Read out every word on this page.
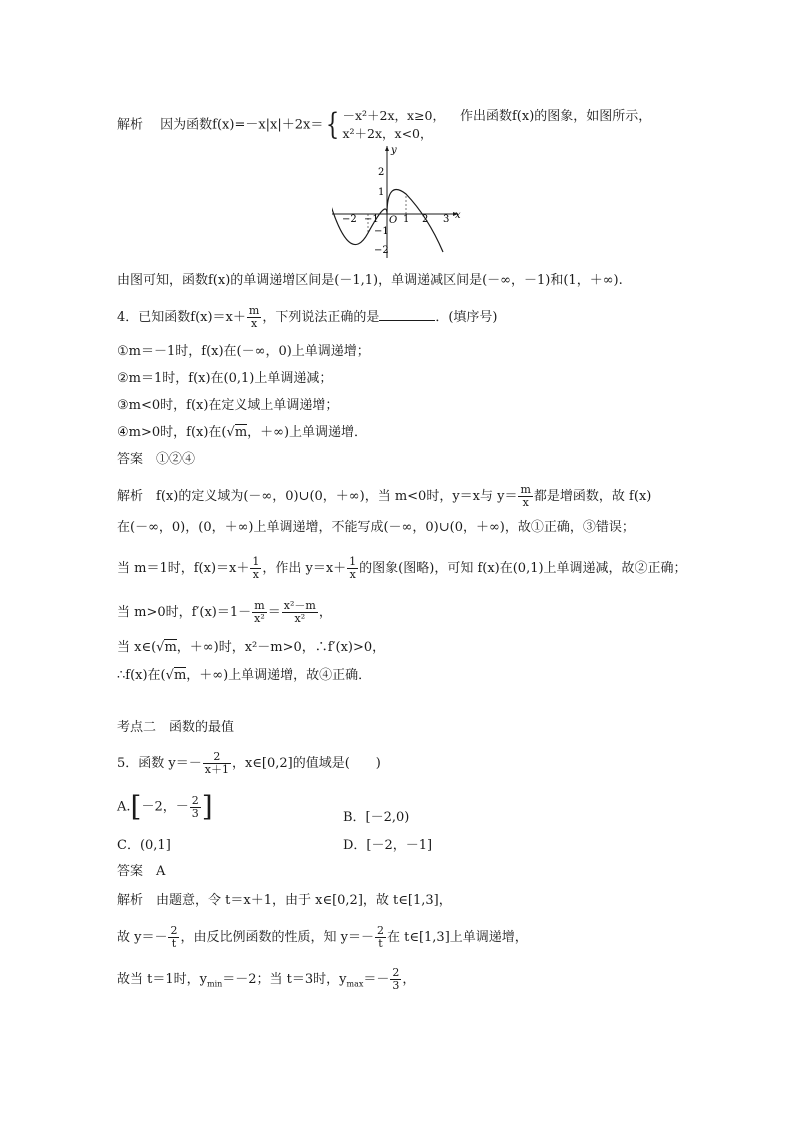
解析　 因为函数f(x)=－x|x|＋2x＝{ －x²＋2x，x≥0，
x²＋2x，x<0，
作出函数f(x)的图象，如图所示，
x
y
O
−2 −1 1 2 3
2
1
−1
−2
由图可知，函数f(x)的单调递增区间是(－1,1)，单调递减区间是(－∞，－1)和(1，＋∞).
4．已知函数$f(x)=x+ \frac{m}{x}$ ，下列说法正确的是	．(填序号)
①m＝－1时，f(x)在(－∞，0)上单调递增；
②m＝1时，f(x)在(0,1)上单调递减；
③m<0时，f(x)在定义域上单调递增；
④m>0时，f(x)在(√m，＋∞)上单调递增．
答案　 ①②④
解析　 f(x)的定义域为(－∞，0)∪(0，＋∞)，当 m<0时，y＝x与 $y= \frac{m}{x}$ 都是增函数，故 f(x)
在(－∞，0)，(0，＋∞)上单调递增，不能写成(－∞，0)∪(0，＋∞)，故①正确，③错误；
当 m＝1时，$f(x)=x+ \frac{1}{x}$ ，作出 $y=x+ \frac{1}{x}$ 的图象(图略)，可知 f(x)在(0,1)上单调递减，故②正确；
当 m>0时，$f'(x)=1- \frac{m}{\text{x²}} = \frac{\text{x²－m}}{\text{x²}}$ ，
当 x∈(√m，＋∞)时，x²－m>0，∴f′(x)>0，
∴f(x)在(√m，＋∞)上单调递增，故④正确．
考点二　函数的最值
5．函数 $y=- \frac{2}{x+1}$ ，x∈[0,2]的值域是(　　)
A.[－2，－ $\frac{2}{3}$ ]	B．[－2,0)
C．(0,1]	D．[－2，－1]
答案　 A
解析　 由题意，令 t＝x＋1，由于 x∈[0,2]，故 t∈[1,3]，
故 $y=- \frac{2}{t}$ ，由反比例函数的性质，知 $y=- \frac{2}{t}$ 在 t∈[1,3]上单调递增，
故当 t＝1时，$y_{min}=-2$；当 t＝3时，$y_{max}=- \frac{2}{3}$ ，
